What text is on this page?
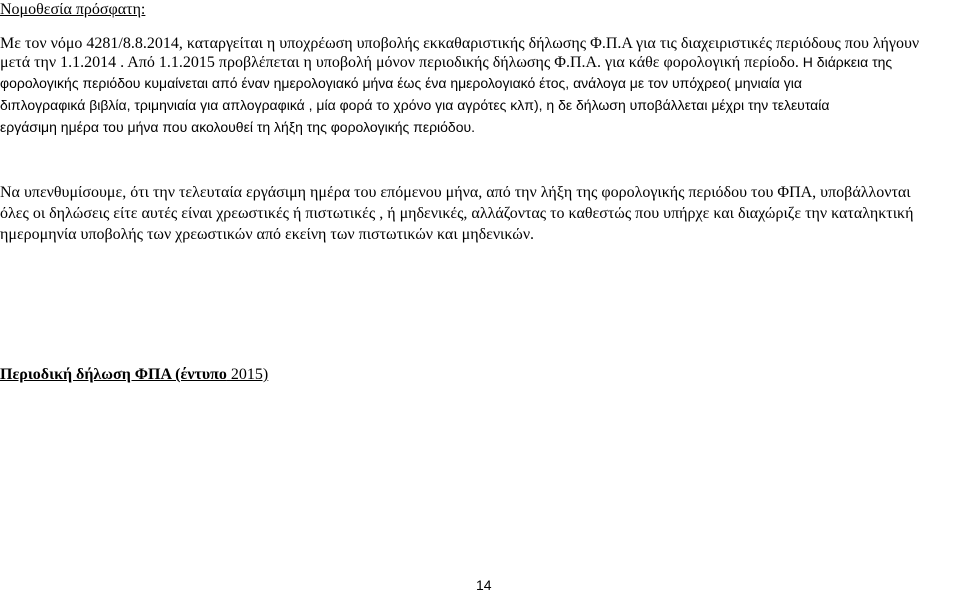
Νομοθεσία πρόσφατη:
Με τον νόμο 4281/8.8.2014, καταργείται η υποχρέωση υποβολής εκκαθαριστικής δήλωσης Φ.Π.Α για τις διαχειριστικές περιόδους που λήγουν
μετά την 1.1.2014 . Από 1.1.2015 προβλέπεται η υποβολή μόνον περιοδικής δήλωσης Φ.Π.Α. για κάθε φορολογική περίοδο. Η διάρκεια της
φορολογικής περιόδου κυμαίνεται από έναν ημερολογιακό μήνα έως ένα ημερολογιακό έτος, ανάλογα με τον υπόχρεο( μηνιαία για
διπλογραφικά βιβλία, τριμηνιαία για απλογραφικά , μία φορά το χρόνο για αγρότες κλπ), η δε δήλωση υποβάλλεται μέχρι την τελευταία
εργάσιμη ημέρα του μήνα που ακολουθεί τη λήξη της φορολογικής περιόδου.
Να υπενθυμίσουμε, ότι την τελευταία εργάσιμη ημέρα του επόμενου μήνα, από την λήξη της φορολογικής περιόδου του ΦΠΑ, υποβάλλονται
όλες οι δηλώσεις είτε αυτές είναι χρεωστικές ή πιστωτικές , ή μηδενικές, αλλάζοντας το καθεστώς που υπήρχε και διαχώριζε την καταληκτική
ημερομηνία υποβολής των χρεωστικών από εκείνη των πιστωτικών και μηδενικών.
Περιοδική δήλωση ΦΠΑ (έντυπο 2015)
14
